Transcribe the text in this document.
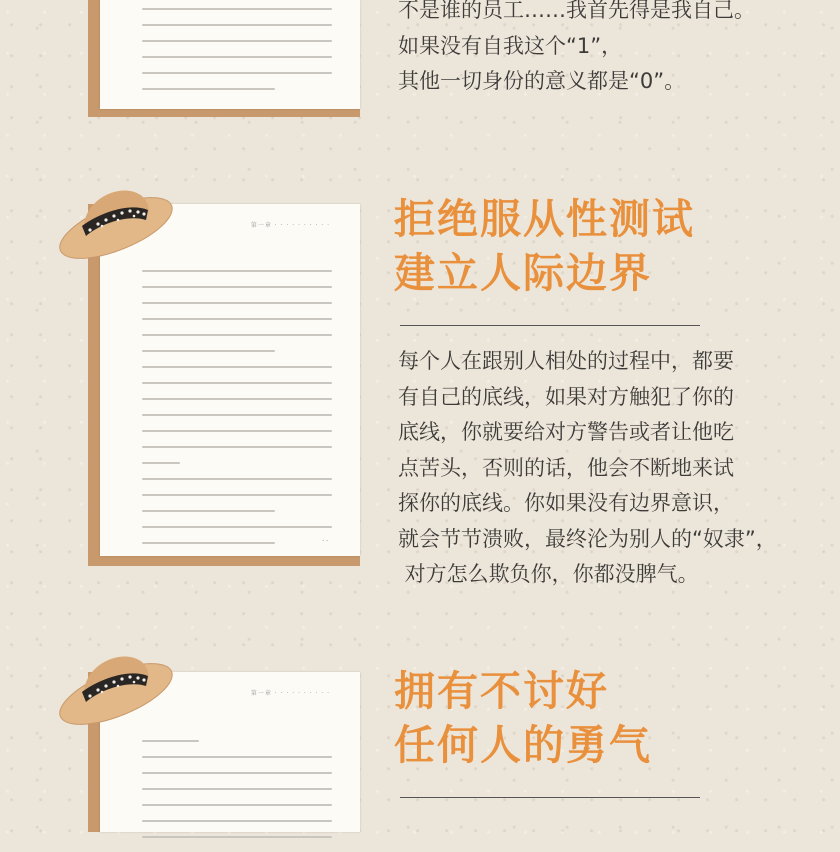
不是谁的员工……我首先得是我自己。
如果没有自我这个“1”，
其他一切身份的意义都是“0”。

第一章 · · · · · · · · · ·
· ·
拒绝服从性测试
建立人际边界

每个人在跟别人相处的过程中，都要
有自己的底线，如果对方触犯了你的
底线，你就要给对方警告或者让他吃
点苦头，否则的话，他会不断地来试
探你的底线。你如果没有边界意识，
就会节节溃败，最终沦为别人的“奴隶”，
对方怎么欺负你，你都没脾气。

第一章 · · · · · · · · · · 拥有不讨好
任何人的勇气
